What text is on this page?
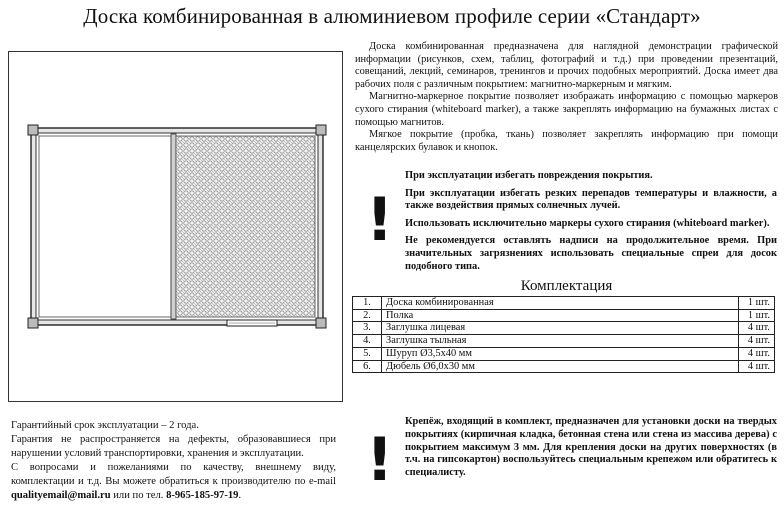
Доска комбинированная в алюминиевом профиле серии «Стандарт»

Доска комбинированная предназначена для наглядной демонстрации графической информации (рисунков, схем, таблиц, фотографий и т.д.) при проведении презентаций, совещаний, лекций, семинаров, тренингов и прочих подобных мероприятий. Доска имеет два рабочих поля с различным покрытием: магнитно-маркерным и мягким.

Магнитно-маркерное покрытие позволяет изображать информацию с помощью маркеров сухого стирания (whiteboard marker), а также закреплять информацию на бумажных листах с помощью магнитов.

Мягкое покрытие (пробка, ткань) позволяет закреплять информацию при помощи канцелярских булавок и кнопок.

!

При эксплуатации избегать повреждения покрытия.

При эксплуатации избегать резких перепадов температуры и влажности, а также воздействия прямых солнечных лучей.

Использовать исключительно маркеры сухого стирания (whiteboard marker).

Не рекомендуется оставлять надписи на продолжительное время. При значительных загрязнениях использовать специальные спреи для досок подобного типа.

Комплектация
1.	Доска комбинированная	1 шт.
2.	Полка	1 шт.
3.	Заглушка лицевая	4 шт.
4.	Заглушка тыльная	4 шт.
5.	Шуруп Ø3,5х40 мм	4 шт.
6.	Дюбель Ø6,0х30 мм	4 шт.

Гарантийный срок эксплуатации – 2 года.

Гарантия не распространяется на дефекты, образовавшиеся при нарушении условий транспортировки, хранения и эксплуатации.

С вопросами и пожеланиями по качеству, внешнему виду, комплектации и т.д. Вы можете обратиться к производителю по e-mail qualityemail@mail.ru или по тел. 8-965-185-97-19.

!
Крепёж, входящий в комплект, предназначен для установки доски на твердых покрытиях (кирпичная кладка, бетонная стена или стена из массива дерева) с покрытием максимум 3 мм. Для крепления доски на других поверхностях (в т.ч. на гипсокартон) воспользуйтесь специальным крепежом или обратитесь к специалисту.
